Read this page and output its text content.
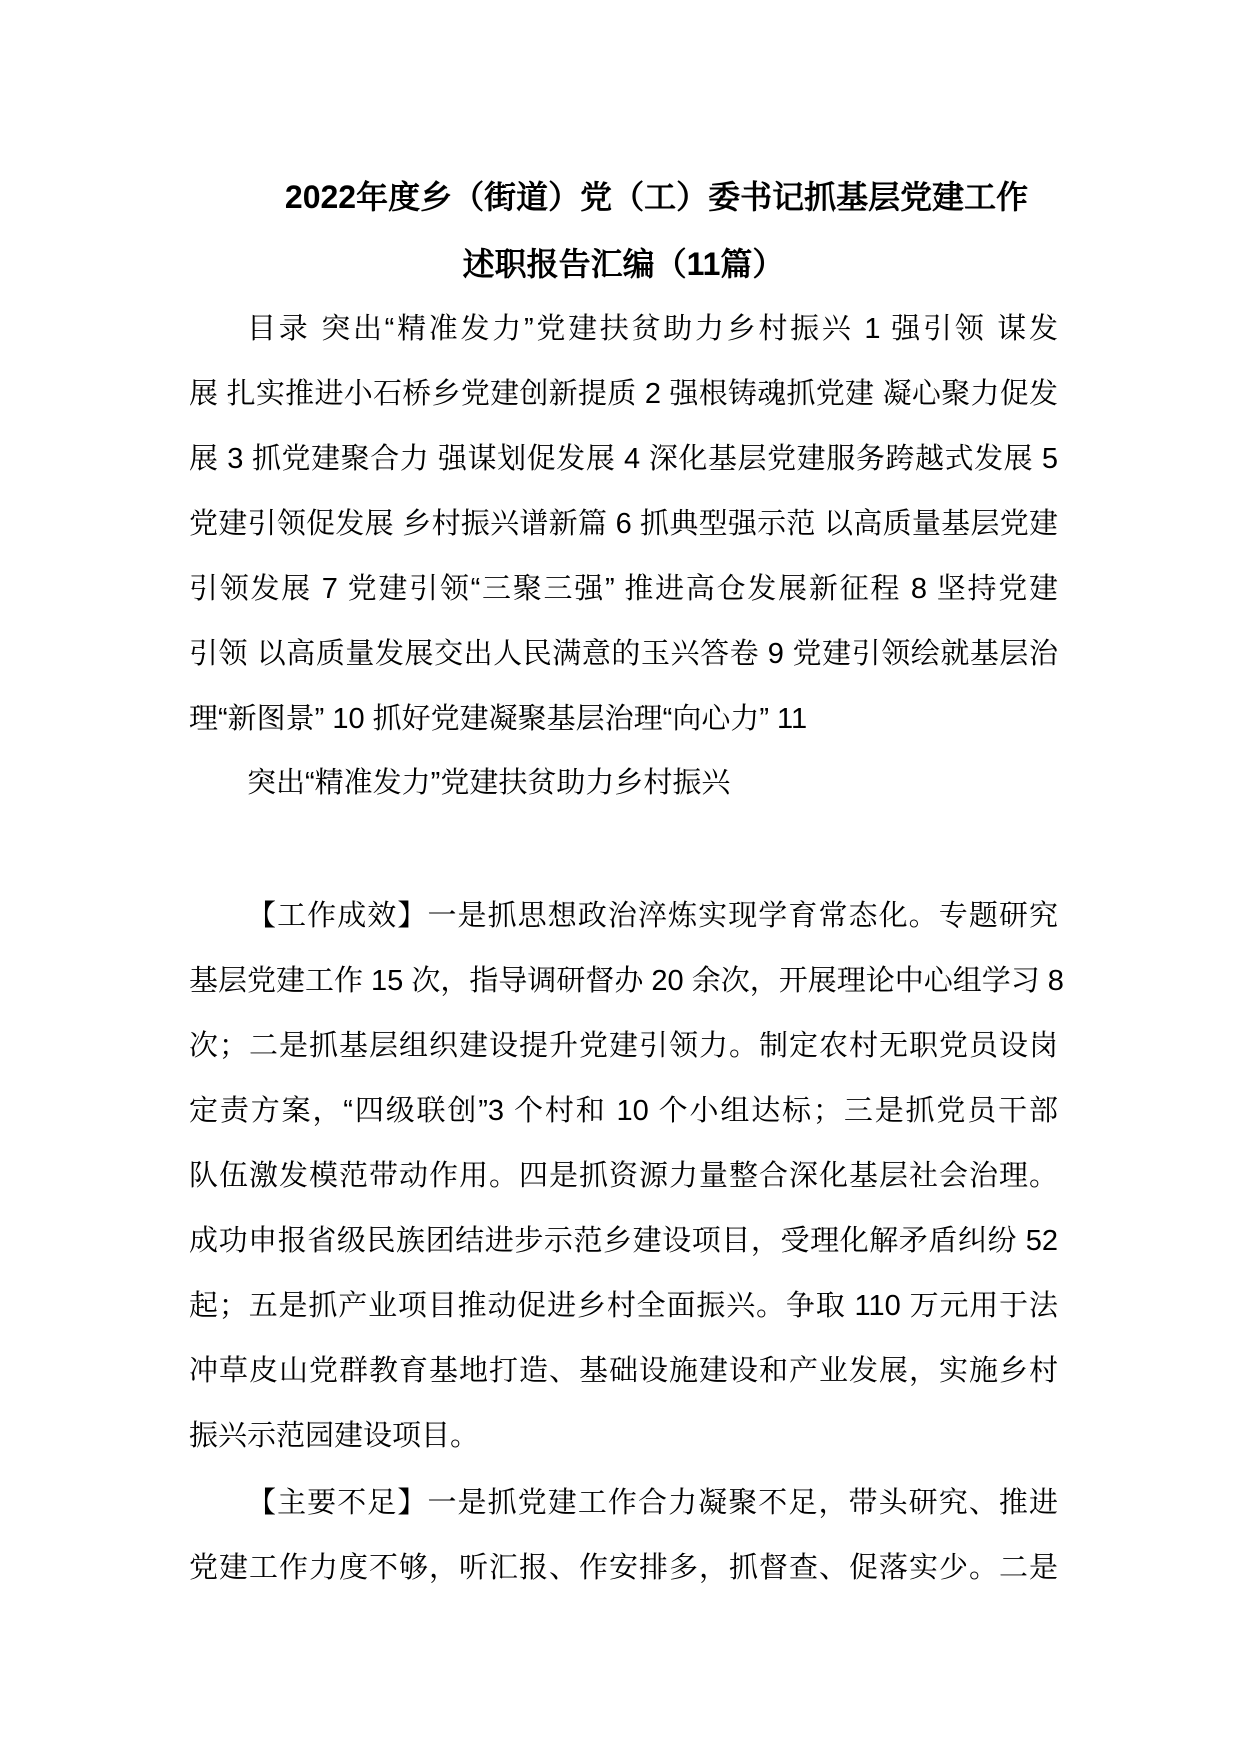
2022年度乡（街道）党（工）委书记抓基层党建工作
述职报告汇编（11篇）
目录 突出“精准发力”党建扶贫助力乡村振兴 1 强引领 谋发
展 扎实推进小石桥乡党建创新提质 2 强根铸魂抓党建 凝心聚力促发
展 3 抓党建聚合力 强谋划促发展 4 深化基层党建服务跨越式发展 5
党建引领促发展 乡村振兴谱新篇 6 抓典型强示范 以高质量基层党建
引领发展 7 党建引领“三聚三强” 推进高仓发展新征程 8 坚持党建
引领 以高质量发展交出人民满意的玉兴答卷 9 党建引领绘就基层治
理“新图景” 10 抓好党建凝聚基层治理“向心力” 11
突出“精准发力”党建扶贫助力乡村振兴
【工作成效】一是抓思想政治淬炼实现学育常态化。专题研究
基层党建工作 15 次，指导调研督办 20 余次，开展理论中心组学习 8
次；二是抓基层组织建设提升党建引领力。制定农村无职党员设岗
定责方案，“四级联创”3 个村和 10 个小组达标；三是抓党员干部
队伍激发模范带动作用。四是抓资源力量整合深化基层社会治理。
成功申报省级民族团结进步示范乡建设项目，受理化解矛盾纠纷 52
起；五是抓产业项目推动促进乡村全面振兴。争取 110 万元用于法
冲草皮山党群教育基地打造、基础设施建设和产业发展，实施乡村
振兴示范园建设项目。
【主要不足】一是抓党建工作合力凝聚不足，带头研究、推进
党建工作力度不够，听汇报、作安排多，抓督查、促落实少。二是
